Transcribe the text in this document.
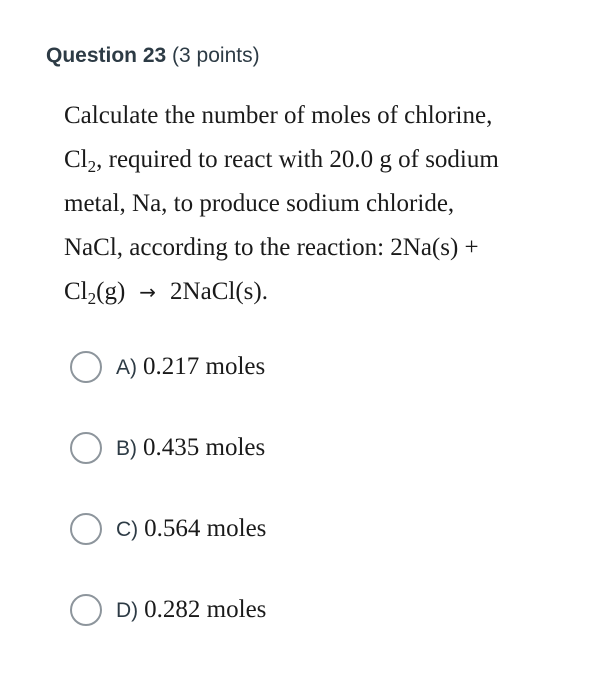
Question 23 (3 points)
Calculate the number of moles of chlorine,
$Cl_2$, required to react with 20.0 g of sodium
metal, Na, to produce sodium chloride,
NaCl, according to the reaction: 2Na(s) +
$Cl_2(g)$ → 2NaCl(s).
A) 0.217 moles
B) 0.435 moles
C) 0.564 moles
D) 0.282 moles
